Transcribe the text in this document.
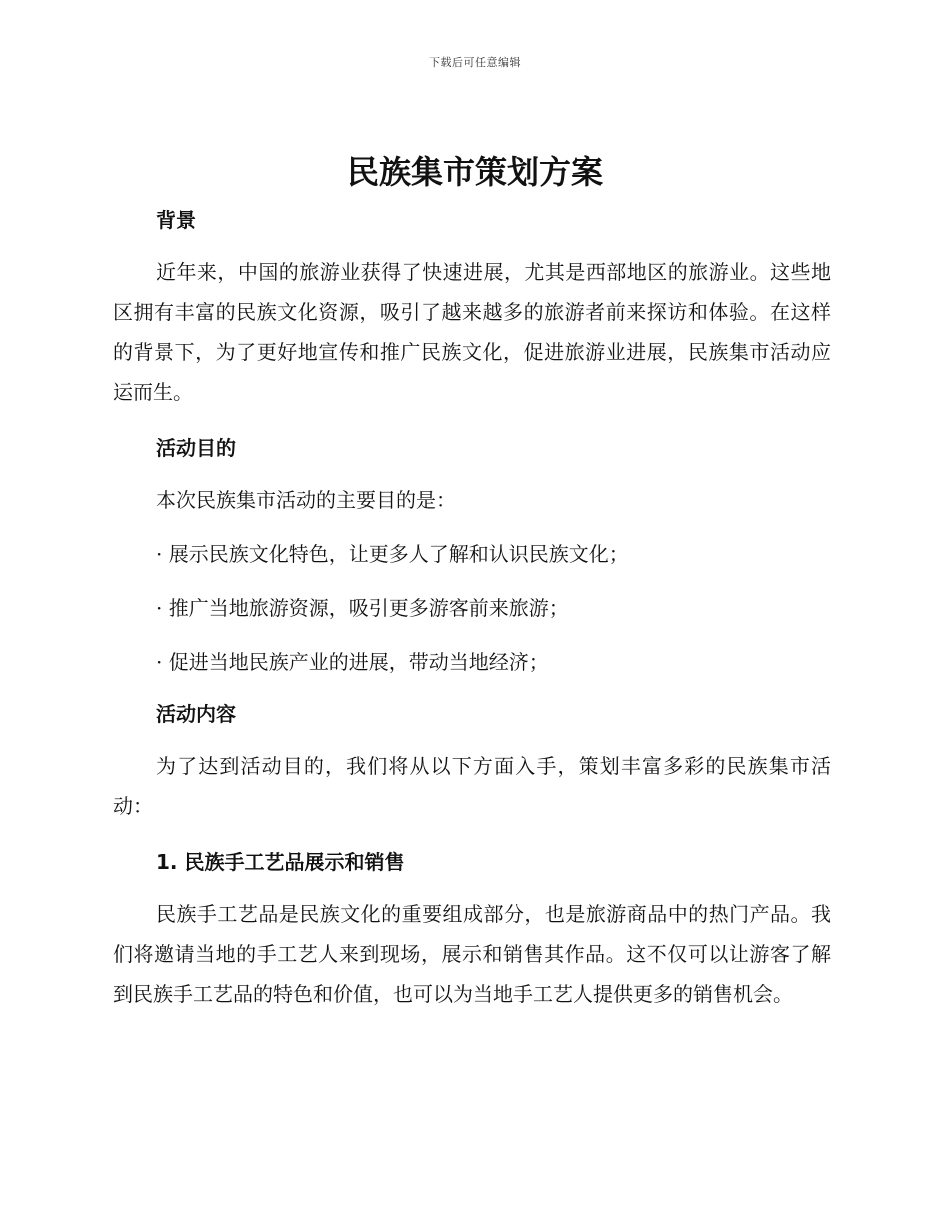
下载后可任意编辑
民族集市策划方案
背景

近年来，中国的旅游业获得了快速进展，尤其是西部地区的旅游业。这些地区拥有丰富的民族文化资源，吸引了越来越多的旅游者前来探访和体验。在这样的背景下，为了更好地宣传和推广民族文化，促进旅游业进展，民族集市活动应运而生。

活动目的

本次民族集市活动的主要目的是：

· 展示民族文化特色，让更多人了解和认识民族文化；

· 推广当地旅游资源，吸引更多游客前来旅游；

· 促进当地民族产业的进展，带动当地经济；

活动内容

为了达到活动目的，我们将从以下方面入手，策划丰富多彩的民族集市活动：

1. 民族手工艺品展示和销售

民族手工艺品是民族文化的重要组成部分，也是旅游商品中的热门产品。我们将邀请当地的手工艺人来到现场，展示和销售其作品。这不仅可以让游客了解到民族手工艺品的特色和价值，也可以为当地手工艺人提供更多的销售机会。
